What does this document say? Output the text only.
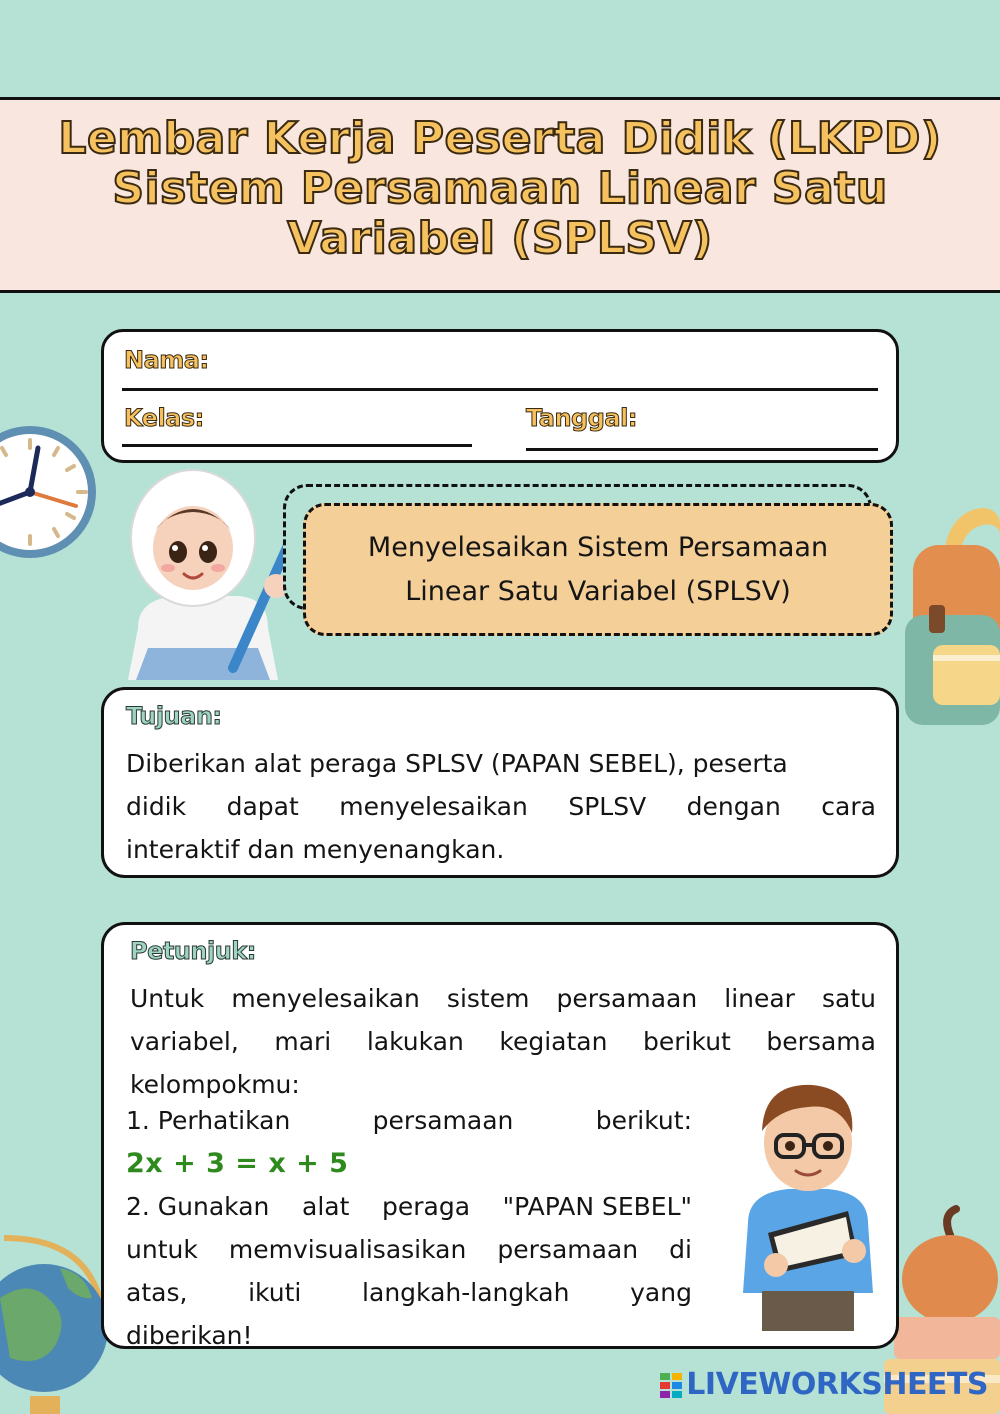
Lembar Kerja Peserta Didik (LKPD)
Sistem Persamaan Linear Satu
Variabel (SPLSV)
Nama:
Kelas:	Tanggal:
Menyelesaikan Sistem Persamaan
Linear Satu Variabel (SPLSV)
Tujuan:
Diberikan alat peraga SPLSV (PAPAN SEBEL), peserta
didik dapat menyelesaikan SPLSV dengan cara
interaktif dan menyenangkan.
Petunjuk:
Untuk menyelesaikan sistem persamaan linear satu
variabel, mari lakukan kegiatan berikut bersama
kelompokmu:
1. Perhatikan	persamaan	berikut:
2x + 3 = x + 5
2. Gunakan alat peraga "PAPAN SEBEL"
untuk memvisualisasikan persamaan di
atas, ikuti langkah-langkah yang
diberikan!
LIVEWORKSHEETS
